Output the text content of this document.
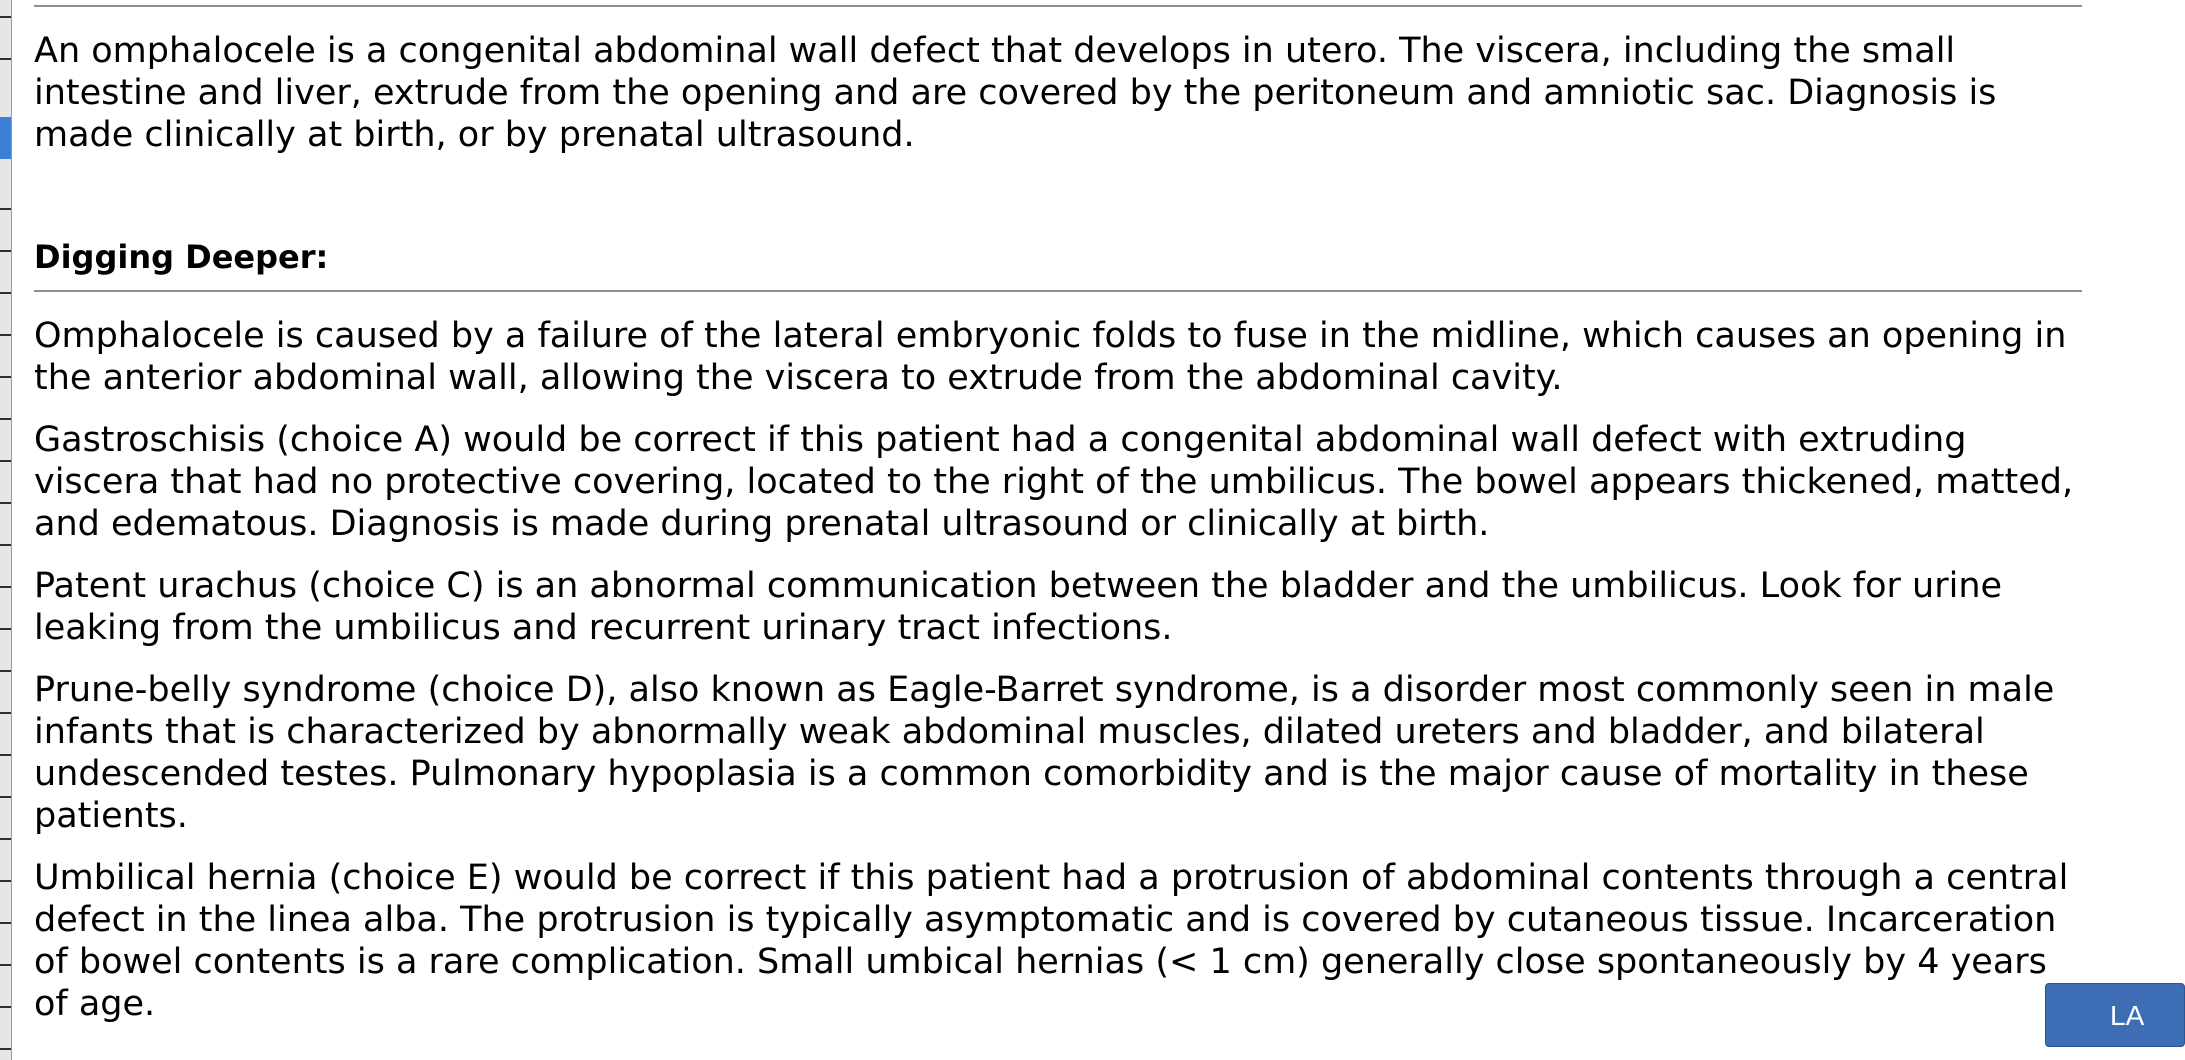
An omphalocele is a congenital abdominal wall defect that develops in utero. The viscera, including the small intestine and liver, extrude from the opening and are covered by the peritoneum and amniotic sac. Diagnosis is made clinically at birth, or by prenatal ultrasound.

Digging Deeper:

Omphalocele is caused by a failure of the lateral embryonic folds to fuse in the midline, which causes an opening in the anterior abdominal wall, allowing the viscera to extrude from the abdominal cavity.

Gastroschisis (choice A) would be correct if this patient had a congenital abdominal wall defect with extruding viscera that had no protective covering, located to the right of the umbilicus. The bowel appears thickened, matted, and edematous. Diagnosis is made during prenatal ultrasound or clinically at birth.

Patent urachus (choice C) is an abnormal communication between the bladder and the umbilicus. Look for urine leaking from the umbilicus and recurrent urinary tract infections.

Prune-belly syndrome (choice D), also known as Eagle-Barret syndrome, is a disorder most commonly seen in male infants that is characterized by abnormally weak abdominal muscles, dilated ureters and bladder, and bilateral undescended testes. Pulmonary hypoplasia is a common comorbidity and is the major cause of mortality in these patients.

Umbilical hernia (choice E) would be correct if this patient had a protrusion of abdominal contents through a central defect in the linea alba. The protrusion is typically asymptomatic and is covered by cutaneous tissue. Incarceration of bowel contents is a rare complication. Small umbical hernias (< 1 cm) generally close spontaneously by 4 years of age.	LA
